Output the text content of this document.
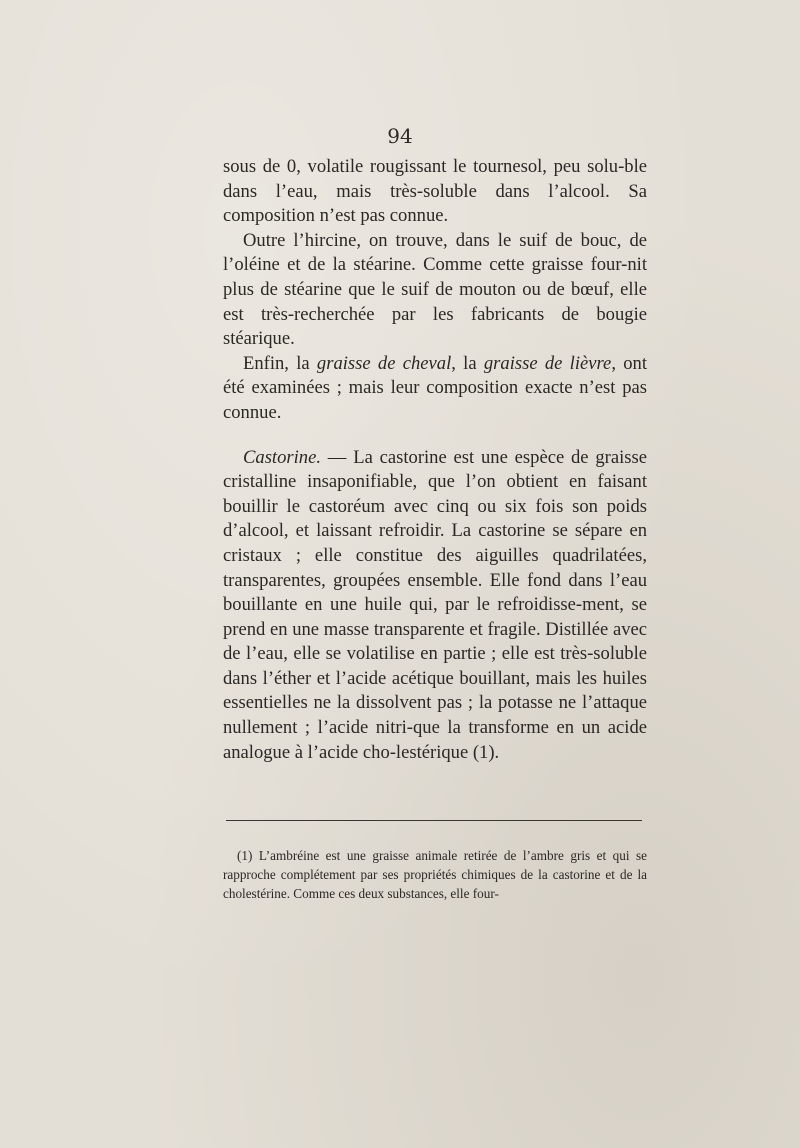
94

sous de 0, volatile rougissant le tournesol, peu solu-ble dans l’eau, mais très-soluble dans l’alcool. Sa composition n’est pas connue.

Outre l’hircine, on trouve, dans le suif de bouc, de l’oléine et de la stéarine. Comme cette graisse four-nit plus de stéarine que le suif de mouton ou de bœuf, elle est très-recherchée par les fabricants de bougie stéarique.

Enfin, la graisse de cheval, la graisse de lièvre, ont été examinées ; mais leur composition exacte n’est pas connue.

Castorine. — La castorine est une espèce de graisse cristalline insaponifiable, que l’on obtient en faisant bouillir le castoréum avec cinq ou six fois son poids d’alcool, et laissant refroidir. La castorine se sépare en cristaux ; elle constitue des aiguilles quadrilatées, transparentes, groupées ensemble. Elle fond dans l’eau bouillante en une huile qui, par le refroidisse-ment, se prend en une masse transparente et fragile. Distillée avec de l’eau, elle se volatilise en partie ; elle est très-soluble dans l’éther et l’acide acétique bouillant, mais les huiles essentielles ne la dissolvent pas ; la potasse ne l’attaque nullement ; l’acide nitri-que la transforme en un acide analogue à l’acide cho-lestérique (1).

(1) L’ambréine est une graisse animale retirée de l’ambre gris et qui se rapproche complétement par ses propriétés chimiques de la castorine et de la cholestérine. Comme ces deux substances, elle four-
